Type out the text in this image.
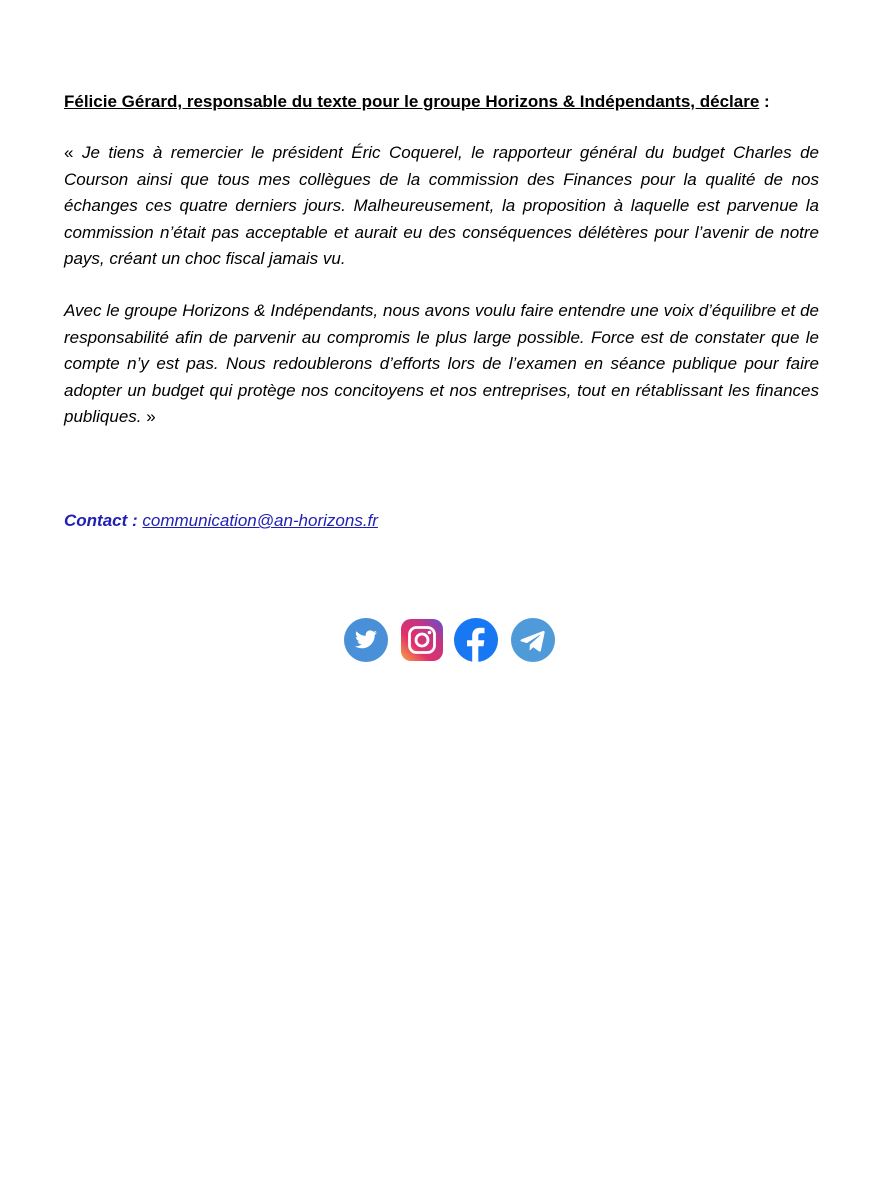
Félicie Gérard, responsable du texte pour le groupe Horizons & Indépendants, déclare :
« Je tiens à remercier le président Éric Coquerel, le rapporteur général du budget Charles de Courson ainsi que tous mes collègues de la commission des Finances pour la qualité de nos échanges ces quatre derniers jours. Malheureusement, la proposition à laquelle est parvenue la commission n’était pas acceptable et aurait eu des conséquences délétères pour l’avenir de notre pays, créant un choc fiscal jamais vu.
Avec le groupe Horizons & Indépendants, nous avons voulu faire entendre une voix d’équilibre et de responsabilité afin de parvenir au compromis le plus large possible. Force est de constater que le compte n’y est pas. Nous redoublerons d’efforts lors de l’examen en séance publique pour faire adopter un budget qui protège nos concitoyens et nos entreprises, tout en rétablissant les finances publiques. »
Contact : communication@an-horizons.fr
